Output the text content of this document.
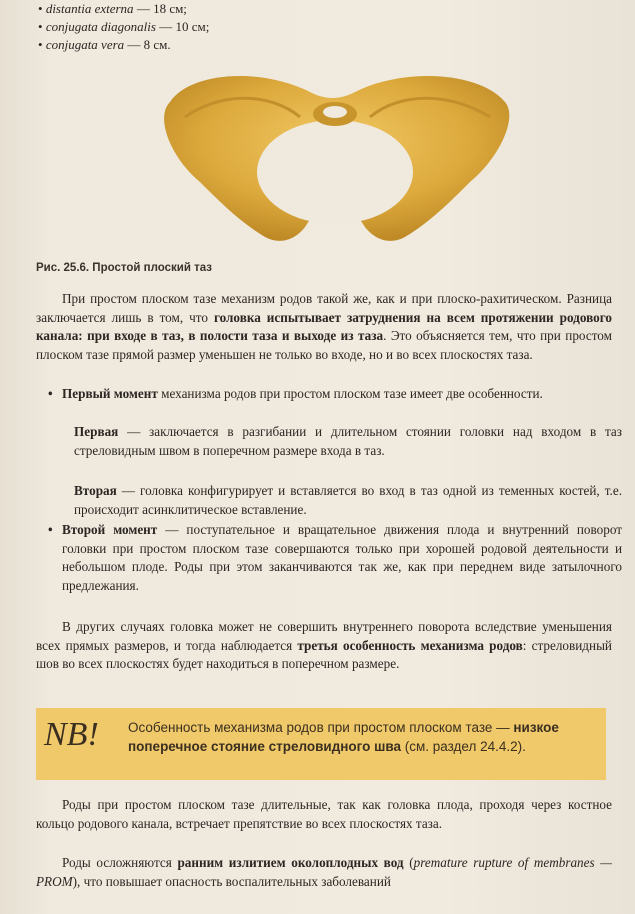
• distantia externa — 18 см;
• conjugata diagonalis — 10 см;
• conjugata vera — 8 см.
Рис. 25.6. Простой плоский таз

При простом плоском тазе механизм родов такой же, как и при плоско-рахитическом. Разница заключается лишь в том, что головка испытывает затруднения на всем протяжении родового канала: при входе в таз, в полости таза и выходе из таза. Это объясняется тем, что при простом плоском тазе прямой размер уменьшен не только во входе, но и во всех плоскостях таза.

• Первый момент механизма родов при простом плоском тазе имеет две особенности.

Первая — заключается в разгибании и длительном стоянии головки над входом в таз стреловидным швом в поперечном размере входа в таз.

Вторая — головка конфигурирует и вставляется во вход в таз одной из теменных костей, т.е. происходит асинклитическое вставление.

• Второй момент — поступательное и вращательное движения плода и внутренний поворот головки при простом плоском тазе совершаются только при хорошей родовой деятельности и небольшом плоде. Роды при этом заканчиваются так же, как при переднем виде затылочного предлежания.

В других случаях головка может не совершить внутреннего поворота вследствие уменьшения всех прямых размеров, и тогда наблюдается третья особенность механизма родов: стреловидный шов во всех плоскостях будет находиться в поперечном размере.

NB! Особенность механизма родов при простом плоском тазе — низкое поперечное стояние стреловидного шва (см. раздел 24.4.2).

Роды при простом плоском тазе длительные, так как головка плода, проходя через костное кольцо родового канала, встречает препятствие во всех плоскостях таза.

Роды осложняются ранним излитием околоплодных вод (premature rupture of membranes — PROM), что повышает опасность воспалительных заболеваний
